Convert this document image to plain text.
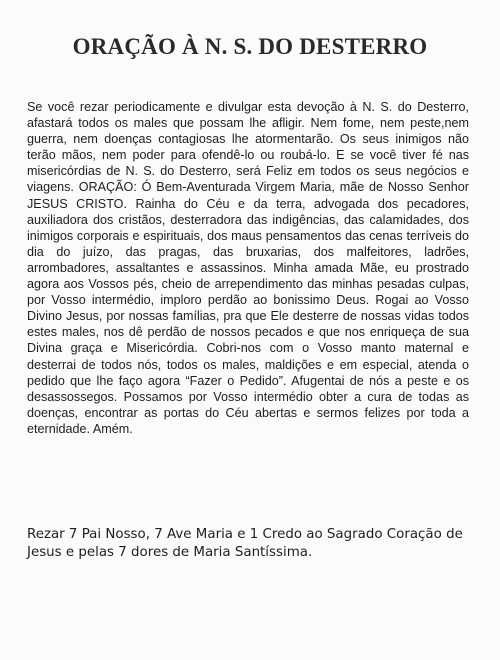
ORAÇÃO À N. S. DO DESTERRO

Se você rezar periodicamente e divulgar esta devoção à N. S. do Desterro, afastará todos os males que possam lhe afligir. Nem fome, nem peste,nem guerra, nem doenças contagiosas lhe atormentarão. Os seus inimigos não terão mãos, nem poder para ofendê-lo ou roubá-lo. E se você tiver fé nas misericórdias de N. S. do Desterro, será Feliz em todos os seus negócios e viagens. ORAÇÃO: Ó Bem-Aventurada Virgem Maria, mãe de Nosso Senhor JESUS CRISTO. Rainha do Céu e da terra, advogada dos pecadores, auxiliadora dos cristãos, desterradora das indigências, das calamidades, dos inimigos corporais e espirituais, dos maus pensamentos das cenas terríveis do dia do juízo, das pragas, das bruxarias, dos malfeitores, ladrões, arrombadores, assaltantes e assassinos. Minha amada Mãe, eu prostrado agora aos Vossos pés, cheio de arrependimento das minhas pesadas culpas, por Vosso intermédio, imploro perdão ao bonissimo Deus. Rogai ao Vosso Divino Jesus, por nossas famílias, pra que Ele desterre de nossas vidas todos estes males, nos dê perdão de nossos pecados e que nos enriqueça de sua Divina graça e Misericórdia. Cobri-nos com o Vosso manto maternal e desterrai de todos nós, todos os males, maldições e em especial, atenda o pedido que lhe faço agora “Fazer o Pedido”. Afugentai de nós a peste e os desassossegos. Possamos por Vosso intermédio obter a cura de todas as doenças, encontrar as portas do Céu abertas e sermos felizes por toda a eternidade. Amém.

Rezar 7 Pai Nosso, 7 Ave Maria e 1 Credo ao Sagrado Coração de Jesus e pelas 7 dores de Maria Santíssima.
